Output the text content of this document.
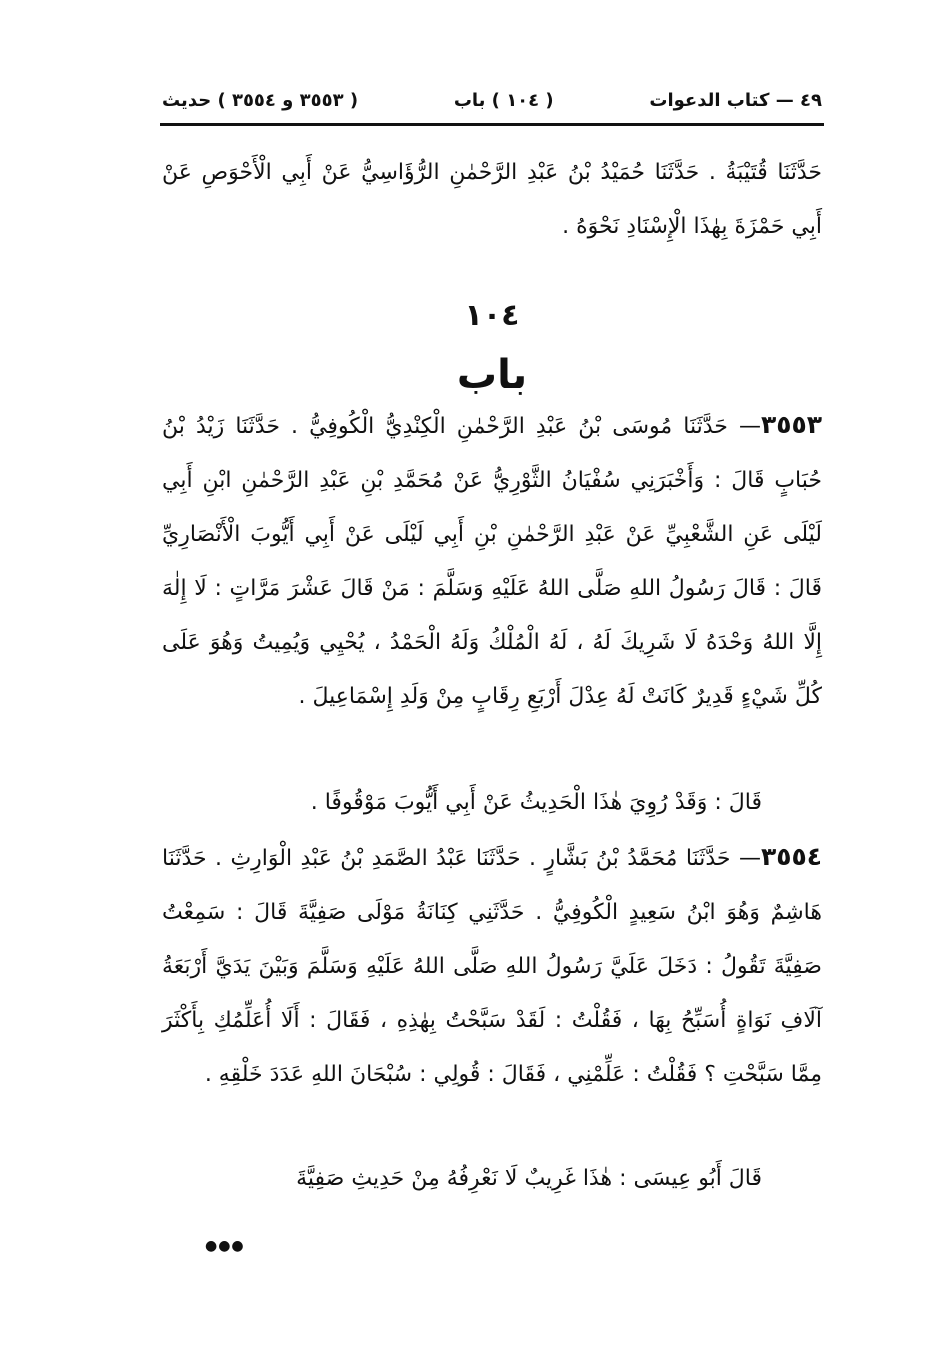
٤٩ — كتاب الدعوات
( ١٠٤ ) باب
( ٣٥٥٣ و ٣٥٥٤ ) حديث

حَدَّثَنَا قُتَيْبَةُ . حَدَّثَنَا حُمَيْدُ بْنُ عَبْدِ الرَّحْمٰنِ الرُّؤَاسِيُّ عَنْ أَبِي الْأَحْوَصِ عَنْ أَبِي حَمْزَةَ بِهٰذَا الْإِسْنَادِ نَحْوَهُ .

١٠٤
باب

٣٥٥٣— حَدَّثَنَا مُوسَى بْنُ عَبْدِ الرَّحْمٰنِ الْكِنْدِيُّ الْكُوفِيُّ . حَدَّثَنَا زَيْدُ بْنُ حُبَابٍ قَالَ : وَأَخْبَرَنِي سُفْيَانُ الثَّوْرِيُّ عَنْ مُحَمَّدِ بْنِ عَبْدِ الرَّحْمٰنِ ابْنِ أَبِي لَيْلَى عَنِ الشَّعْبِيِّ عَنْ عَبْدِ الرَّحْمٰنِ بْنِ أَبِي لَيْلَى عَنْ أَبِي أَيُّوبَ الْأَنْصَارِيِّ قَالَ : قَالَ رَسُولُ اللهِ صَلَّى اللهُ عَلَيْهِ وَسَلَّمَ : مَنْ قَالَ عَشْرَ مَرَّاتٍ : لَا إِلٰهَ إِلَّا اللهُ وَحْدَهُ لَا شَرِيكَ لَهُ ، لَهُ الْمُلْكُ وَلَهُ الْحَمْدُ ، يُحْيِي وَيُمِيتُ وَهُوَ عَلَى كُلِّ شَيْءٍ قَدِيرٌ كَانَتْ لَهُ عِدْلَ أَرْبَعِ رِقَابٍ مِنْ وَلَدِ إِسْمَاعِيلَ .

قَالَ : وَقَدْ رُوِيَ هٰذَا الْحَدِيثُ عَنْ أَبِي أَيُّوبَ مَوْقُوفًا .

٣٥٥٤— حَدَّثَنَا مُحَمَّدُ بْنُ بَشَّارٍ . حَدَّثَنَا عَبْدُ الصَّمَدِ بْنُ عَبْدِ الْوَارِثِ . حَدَّثَنَا هَاشِمٌ وَهُوَ ابْنُ سَعِيدٍ الْكُوفِيُّ . حَدَّثَنِي كِنَانَةُ مَوْلَى صَفِيَّةَ قَالَ : سَمِعْتُ صَفِيَّةَ تَقُولُ : دَخَلَ عَلَيَّ رَسُولُ اللهِ صَلَّى اللهُ عَلَيْهِ وَسَلَّمَ وَبَيْنَ يَدَيَّ أَرْبَعَةُ آلَافِ نَوَاةٍ أُسَبِّحُ بِهَا ، فَقُلْتُ : لَقَدْ سَبَّحْتُ بِهٰذِهِ ، فَقَالَ : أَلَا أُعَلِّمُكِ بِأَكْثَرَ مِمَّا سَبَّحْتِ ؟ فَقُلْتُ : عَلِّمْنِي ، فَقَالَ : قُولِي : سُبْحَانَ اللهِ عَدَدَ خَلْقِهِ .

قَالَ أَبُو عِيسَى : هٰذَا غَرِيبٌ لَا نَعْرِفُهُ مِنْ حَدِيثِ صَفِيَّةَ

●●●
